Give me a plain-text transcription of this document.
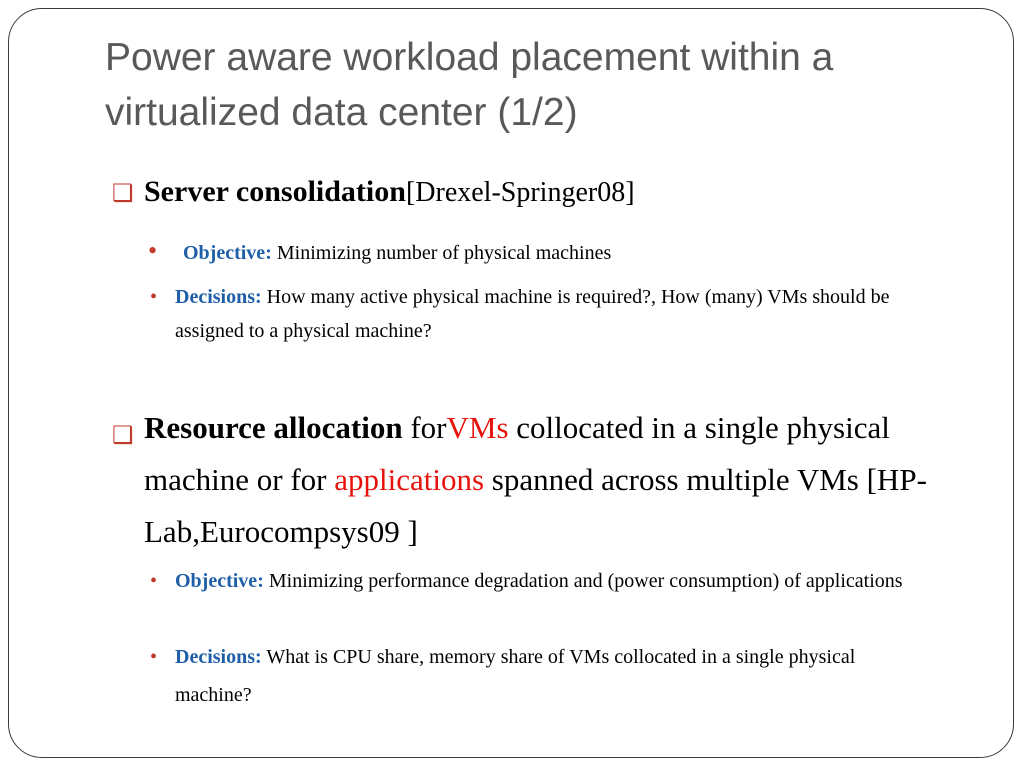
Power aware workload placement within a virtualized data center (1/2)
❑ Server consolidation[Drexel-Springer08]
• Objective: Minimizing number of physical machines
• Decisions: How many active physical machine is required?, How (many) VMs should be assigned to a physical machine?
❑ Resource allocation forVMs collocated in a single physical machine or for applications spanned across multiple VMs [HP-Lab,Eurocompsys09 ]
• Objective: Minimizing performance degradation and (power consumption) of applications
• Decisions: What is CPU share, memory share of VMs collocated in a single physical machine?
